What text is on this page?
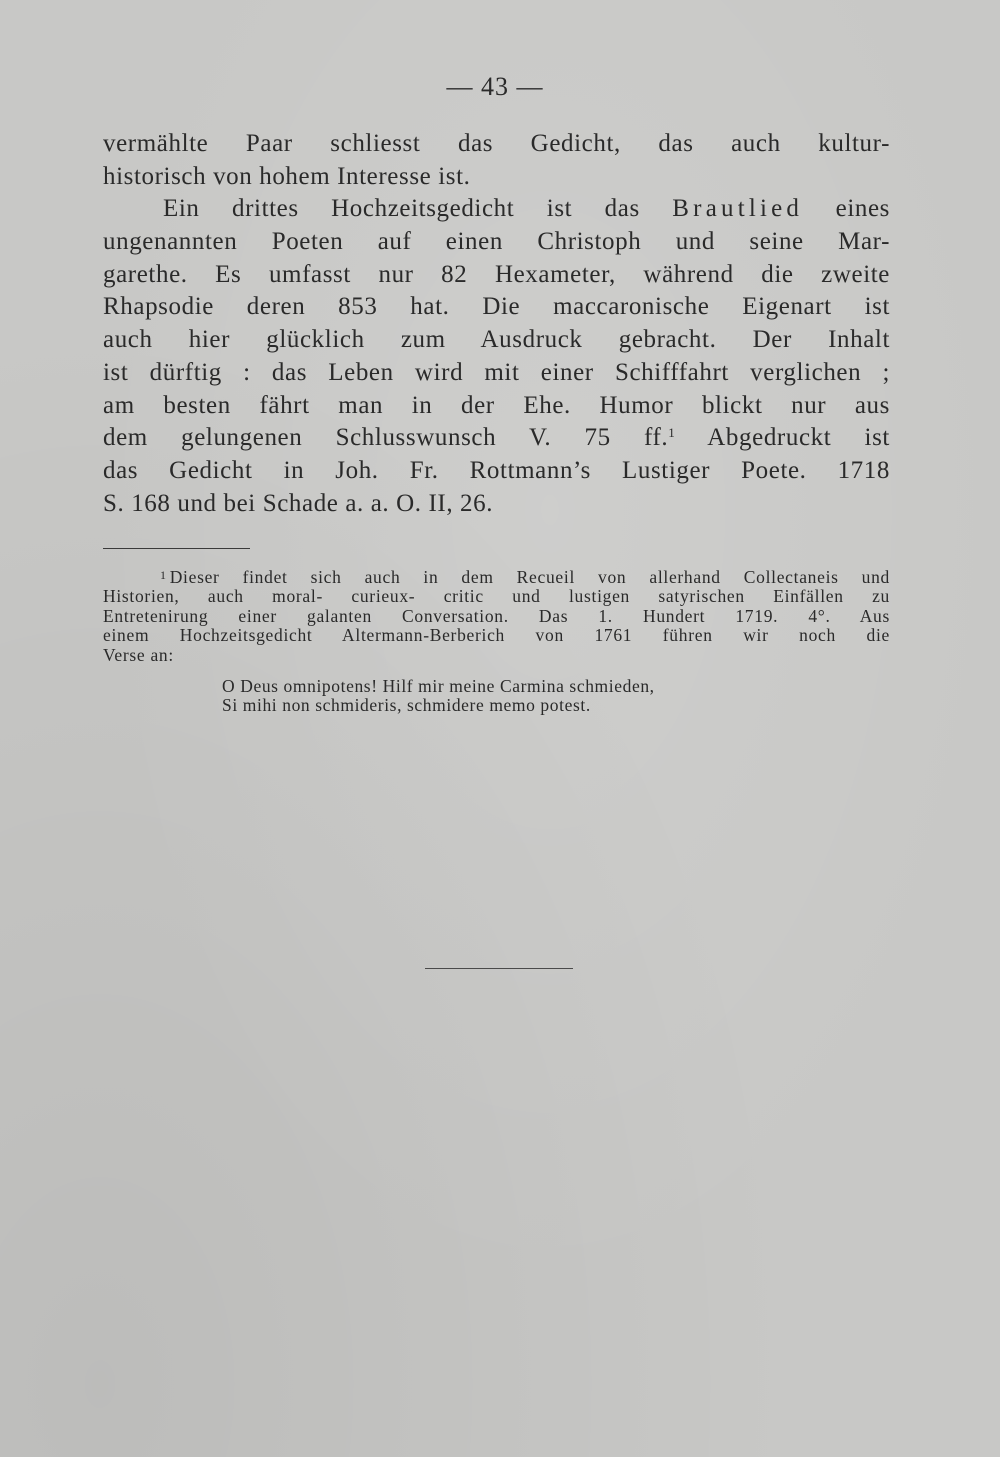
— 43 —
vermählte Paar schliesst das Gedicht, das auch kultur-
historisch von hohem Interesse ist.
Ein drittes Hochzeitsgedicht ist das Brautlied eines
ungenannten Poeten auf einen Christoph und seine Mar-
garethe. Es umfasst nur 82 Hexameter, während die zweite
Rhapsodie deren 853 hat. Die maccaronische Eigenart ist
auch hier glücklich zum Ausdruck gebracht. Der Inhalt
ist dürftig : das Leben wird mit einer Schifffahrt verglichen ;
am besten fährt man in der Ehe. Humor blickt nur aus
dem gelungenen Schlusswunsch V. 75 ff.$^1$ Abgedruckt ist
das Gedicht in Joh. Fr. Rottmann’s Lustiger Poete. 1718
S. 168 und bei Schade a. a. O. II, 26.
$^1$ Dieser findet sich auch in dem Recueil von allerhand Collectaneis und
Historien, auch moral- curieux- critic und lustigen satyrischen Einfällen zu
Entretenirung einer galanten Conversation. Das 1. Hundert 1719. 4°. Aus
einem Hochzeitsgedicht Altermann-Berberich von 1761 führen wir noch die
Verse an:
O Deus omnipotens! Hilf mir meine Carmina schmieden,
Si mihi non schmideris, schmidere memo potest.
